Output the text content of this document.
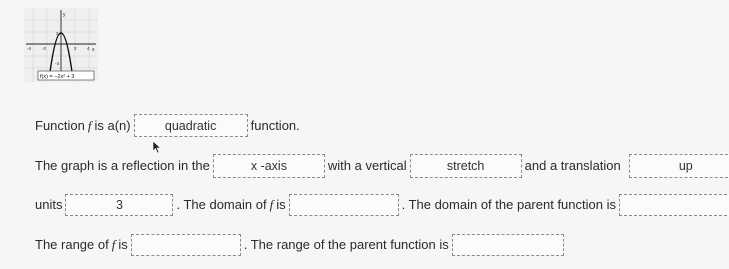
y
x
-4 -2	2 4
2
-4
f(x) = −2x² + 3
Function f is a(n)	quadratic	function.
The graph is a reflection in the	x -axis	with a vertical	stretch	and a translation	up
units	3	. The domain of f is	. The domain of the parent function is
The range of f is	. The range of the parent function is
